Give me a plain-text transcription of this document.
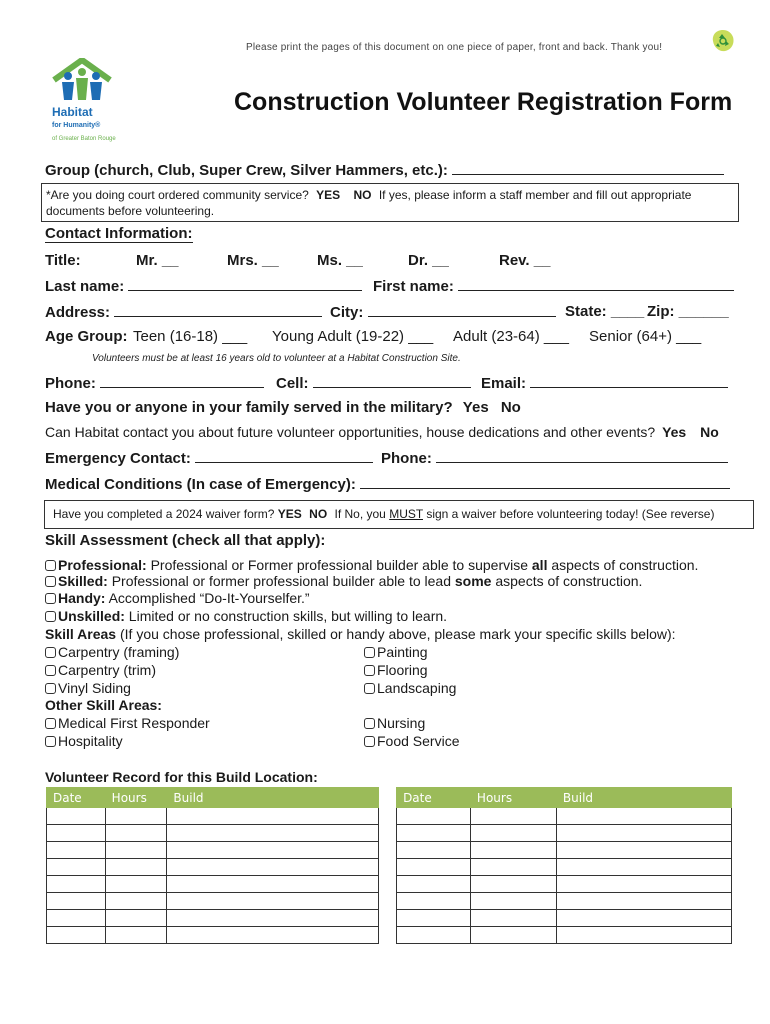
Please print the pages of this document on one piece of paper, front and back. Thank you!
Habitat
for Humanity®
of Greater Baton Rouge
Construction Volunteer Registration Form
Group (church, Club, Super Crew, Silver Hammers, etc.):
*Are you doing court ordered community service? YES NO If yes, please inform a staff member and fill out appropriate
documents before volunteering.
Contact Information:
Title:	Mr. __	Mrs. __	Ms. __	Dr. __	Rev. __
Last name:	First name:
Address:	City:	State: ____ Zip: ______
Age Group: Teen (16-18) ___ Young Adult (19-22) ___ Adult (23-64) ___ Senior (64+) ___
Volunteers must be at least 16 years old to volunteer at a Habitat Construction Site.
Phone:	Cell:	Email:
Have you or anyone in your family served in the military? Yes No
Can Habitat contact you about future volunteer opportunities, house dedications and other events? Yes No
Emergency Contact:	Phone:
Medical Conditions (In case of Emergency):
Have you completed a 2024 waiver form? YES NO If No, you MUST sign a waiver before volunteering today! (See reverse)
Skill Assessment (check all that apply):
Professional: Professional or Former professional builder able to supervise all aspects of construction.
Skilled: Professional or former professional builder able to lead some aspects of construction.
Handy: Accomplished “Do-It-Yourselfer.”
Unskilled: Limited or no construction skills, but willing to learn.
Skill Areas (If you chose professional, skilled or handy above, please mark your specific skills below):
Carpentry (framing)
Carpentry (trim)
Vinyl Siding
Painting
Flooring
Landscaping
Other Skill Areas:
Medical First Responder
Hospitality
Nursing
Food Service
Volunteer Record for this Build Location:
Date	Hours	Build		Date	Hours	Build
